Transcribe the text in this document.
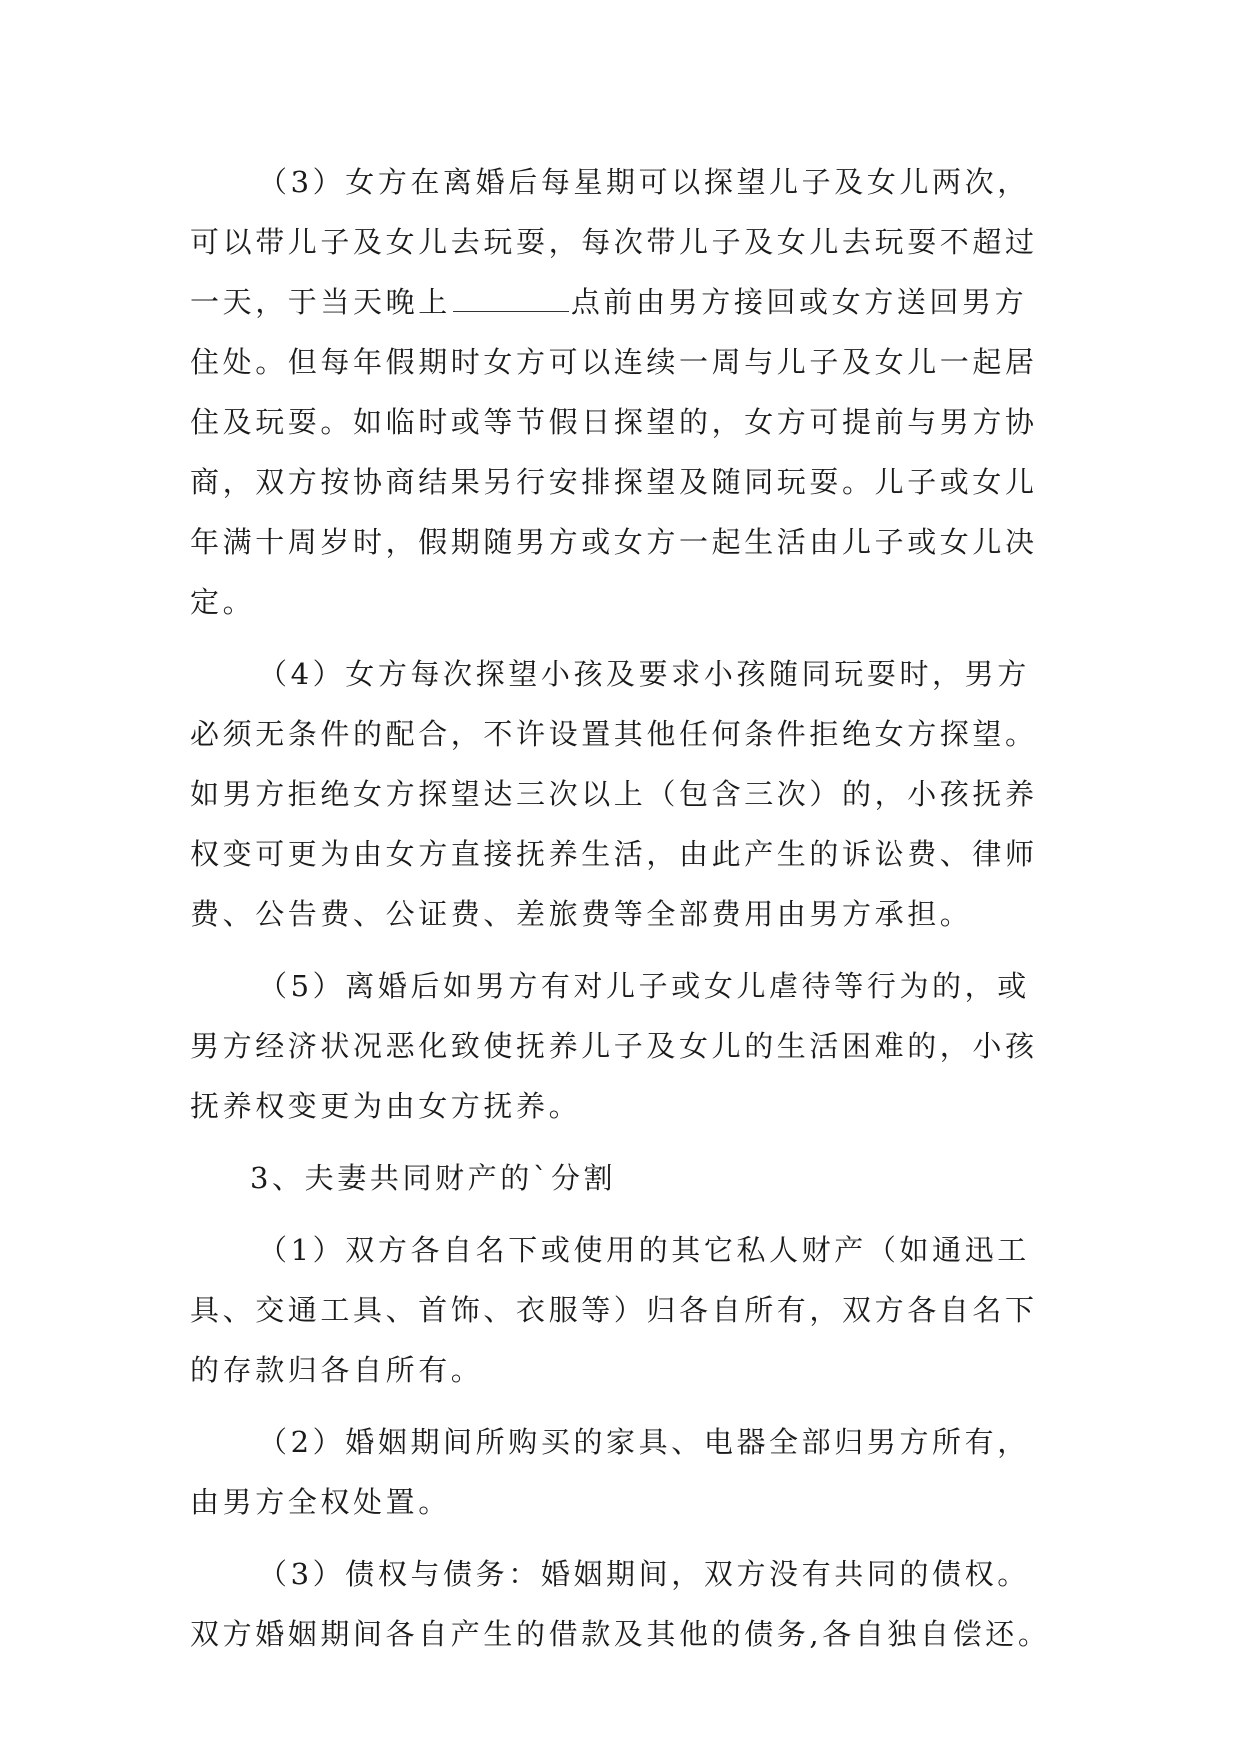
（3）女方在离婚后每星期可以探望儿子及女儿两次，
可以带儿子及女儿去玩耍，每次带儿子及女儿去玩耍不超过
一天，于当天晚上	点前由男方接回或女方送回男方
住处。但每年假期时女方可以连续一周与儿子及女儿一起居
住及玩耍。如临时或等节假日探望的，女方可提前与男方协
商，双方按协商结果另行安排探望及随同玩耍。儿子或女儿
年满十周岁时，假期随男方或女方一起生活由儿子或女儿决
定。
（4）女方每次探望小孩及要求小孩随同玩耍时，男方
必须无条件的配合，不许设置其他任何条件拒绝女方探望。
如男方拒绝女方探望达三次以上（包含三次）的，小孩抚养
权变可更为由女方直接抚养生活，由此产生的诉讼费、律师
费、公告费、公证费、差旅费等全部费用由男方承担。
（5）离婚后如男方有对儿子或女儿虐待等行为的，或
男方经济状况恶化致使抚养儿子及女儿的生活困难的，小孩
抚养权变更为由女方抚养。
3、夫妻共同财产的`分割
（1）双方各自名下或使用的其它私人财产（如通迅工
具、交通工具、首饰、衣服等）归各自所有，双方各自名下
的存款归各自所有。
（2）婚姻期间所购买的家具、电器全部归男方所有，
由男方全权处置。
（3）债权与债务：婚姻期间，双方没有共同的债权。
双方婚姻期间各自产生的借款及其他的债务,各自独自偿还。
